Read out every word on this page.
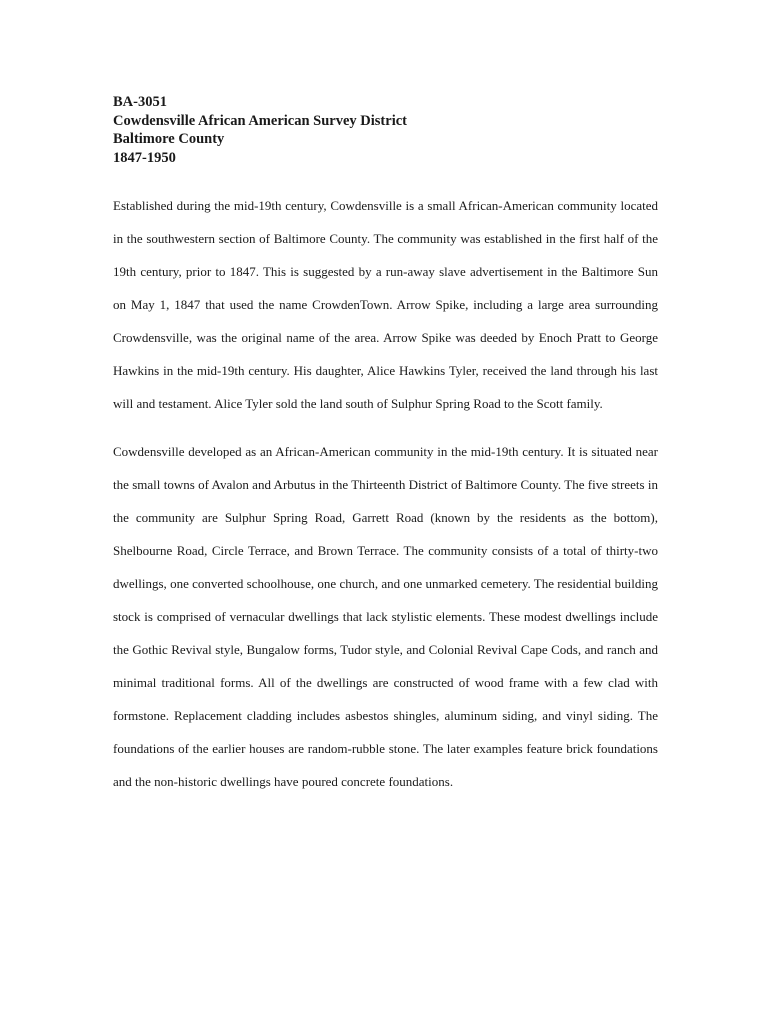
BA-3051
Cowdensville African American Survey District
Baltimore County
1847-1950

Established during the mid-19th century, Cowdensville is a small African-American community located in the southwestern section of Baltimore County. The community was established in the first half of the 19th century, prior to 1847. This is suggested by a run-away slave advertisement in the Baltimore Sun on May 1, 1847 that used the name CrowdenTown. Arrow Spike, including a large area surrounding Crowdensville, was the original name of the area. Arrow Spike was deeded by Enoch Pratt to George Hawkins in the mid-19th century. His daughter, Alice Hawkins Tyler, received the land through his last will and testament. Alice Tyler sold the land south of Sulphur Spring Road to the Scott family.

Cowdensville developed as an African-American community in the mid-19th century. It is situated near the small towns of Avalon and Arbutus in the Thirteenth District of Baltimore County. The five streets in the community are Sulphur Spring Road, Garrett Road (known by the residents as the bottom), Shelbourne Road, Circle Terrace, and Brown Terrace. The community consists of a total of thirty-two dwellings, one converted schoolhouse, one church, and one unmarked cemetery. The residential building stock is comprised of vernacular dwellings that lack stylistic elements. These modest dwellings include the Gothic Revival style, Bungalow forms, Tudor style, and Colonial Revival Cape Cods, and ranch and minimal traditional forms. All of the dwellings are constructed of wood frame with a few clad with formstone. Replacement cladding includes asbestos shingles, aluminum siding, and vinyl siding. The foundations of the earlier houses are random-rubble stone. The later examples feature brick foundations and the non-historic dwellings have poured concrete foundations.
